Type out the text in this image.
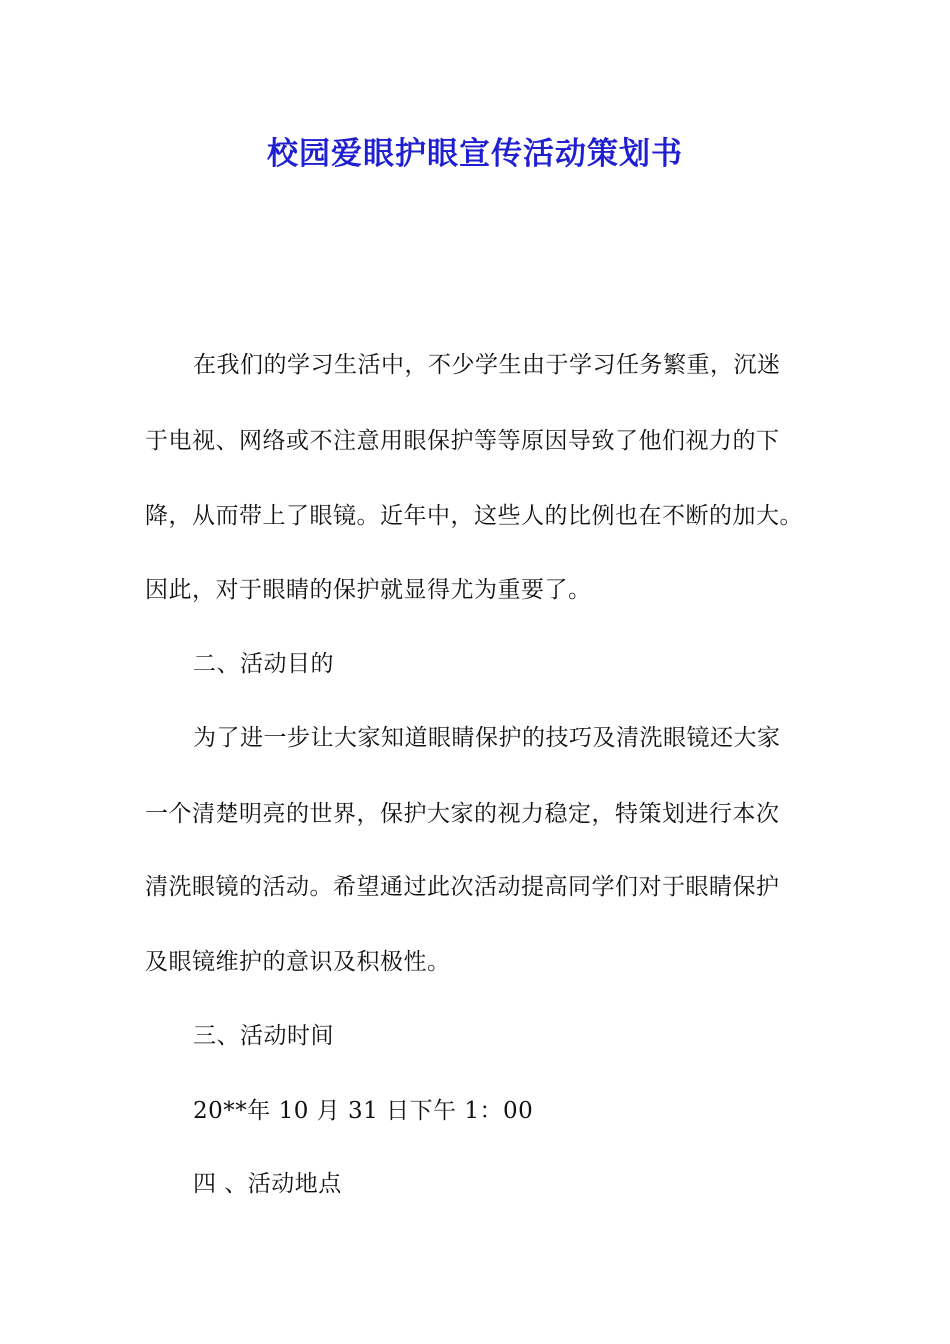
校园爱眼护眼宣传活动策划书
在我们的学习生活中，不少学生由于学习任务繁重，沉迷
于电视、网络或不注意用眼保护等等原因导致了他们视力的下
降，从而带上了眼镜。近年中，这些人的比例也在不断的加大。
因此，对于眼睛的保护就显得尤为重要了。
二、活动目的
为了进一步让大家知道眼睛保护的技巧及清洗眼镜还大家
一个清楚明亮的世界，保护大家的视力稳定，特策划进行本次
清洗眼镜的活动。希望通过此次活动提高同学们对于眼睛保护
及眼镜维护的意识及积极性。
三、活动时间
20**年 10 月 31 日下午 1：00
四 、活动地点
